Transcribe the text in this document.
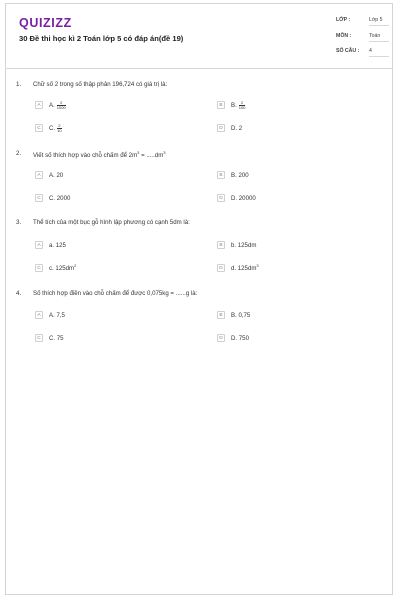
QUIZIZZ
30 Đề thi học kì 2 Toán lớp 5 có đáp án(đề 19)
LỚP :	Lớp 5
MÔN :	Toán
SỐ CÂU : 4
1. Chữ số 2 trong số thập phân 196,724 có giá trị là:
A	A. $\frac{2}{1000}$	B	B. $\frac{2}{100}$
C	C. $\frac{2}{10}$	D	D. 2
2. Viết số thích hợp vào chỗ chấm để $2m^3 = .....dm^3$
A	A. 20	B	B. 200
C	C. 2000	D	D. 20000
3. Thể tích của một bục gỗ hình lập phương có cạnh 5dm là:
A	a. 125	B	b. 125dm
C	c. $125dm^2$	D	d. $125dm^3$
4. Số thích hợp điền vào chỗ chấm để được 0,075kg = ......g là:
A	A. 7,5	B	B. 0,75
C	C. 75	D	D. 750
